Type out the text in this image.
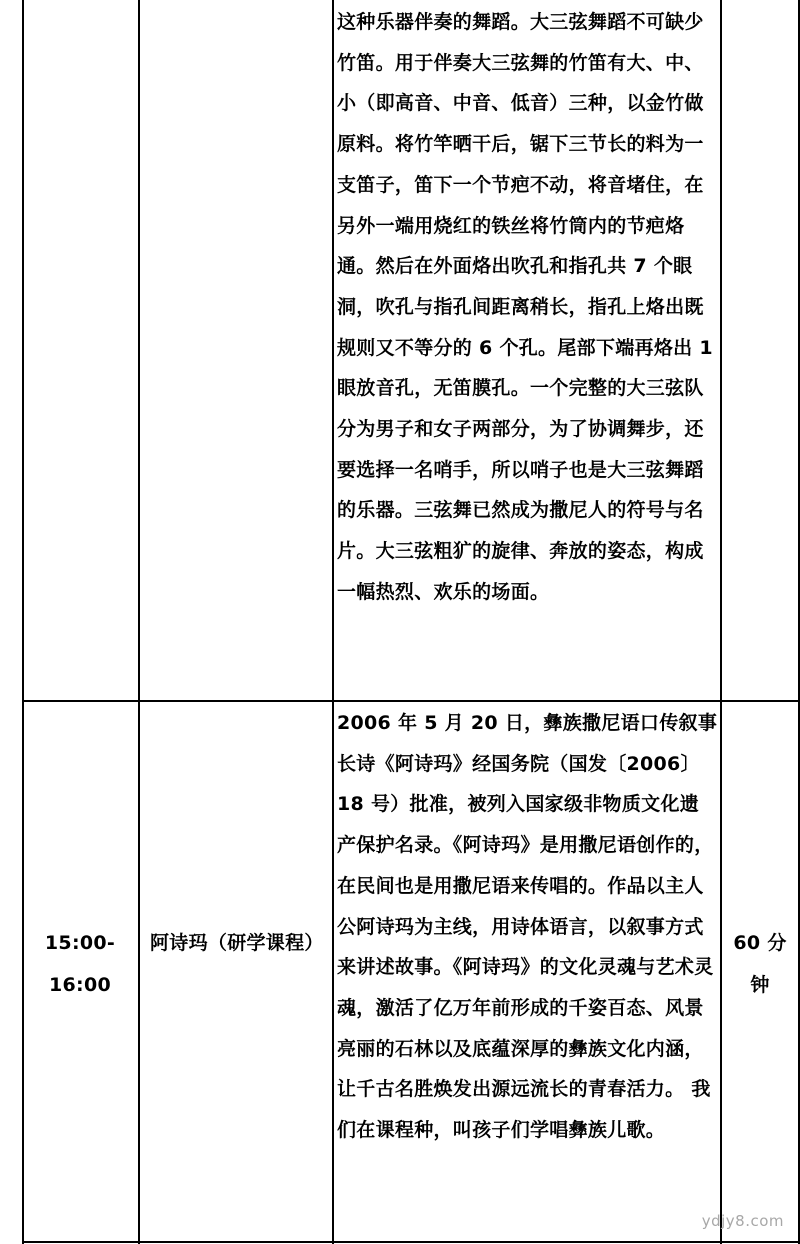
这种乐器伴奏的舞蹈。大三弦舞蹈不可缺少竹笛。用于伴奏大三弦舞的竹笛有大、中、小（即高音、中音、低音）三种，以金竹做原料。将竹竿晒干后，锯下三节长的料为一支笛子，笛下一个节疤不动，将音堵住，在另外一端用烧红的铁丝将竹筒内的节疤烙通。然后在外面烙出吹孔和指孔共 7 个眼洞，吹孔与指孔间距离稍长，指孔上烙出既规则又不等分的 6 个孔。尾部下端再烙出 1 眼放音孔，无笛膜孔。一个完整的大三弦队分为男子和女子两部分，为了协调舞步，还要选择一名哨手，所以哨子也是大三弦舞蹈的乐器。三弦舞已然成为撒尼人的符号与名片。大三弦粗犷的旋律、奔放的姿态，构成一幅热烈、欢乐的场面。
15:00-16:00
阿诗玛（研学课程）
2006 年 5 月 20 日，彝族撒尼语口传叙事长诗《阿诗玛》经国务院（国发〔2006〕18 号）批准，被列入国家级非物质文化遗产保护名录。《阿诗玛》是用撒尼语创作的，在民间也是用撒尼语来传唱的。作品以主人公阿诗玛为主线，用诗体语言，以叙事方式来讲述故事。《阿诗玛》的文化灵魂与艺术灵魂，激活了亿万年前形成的千姿百态、风景亮丽的石林以及底蕴深厚的彝族文化内涵，让千古名胜焕发出源远流长的青春活力。 我们在课程种，叫孩子们学唱彝族儿歌。
60 分钟
ydjy8.com
